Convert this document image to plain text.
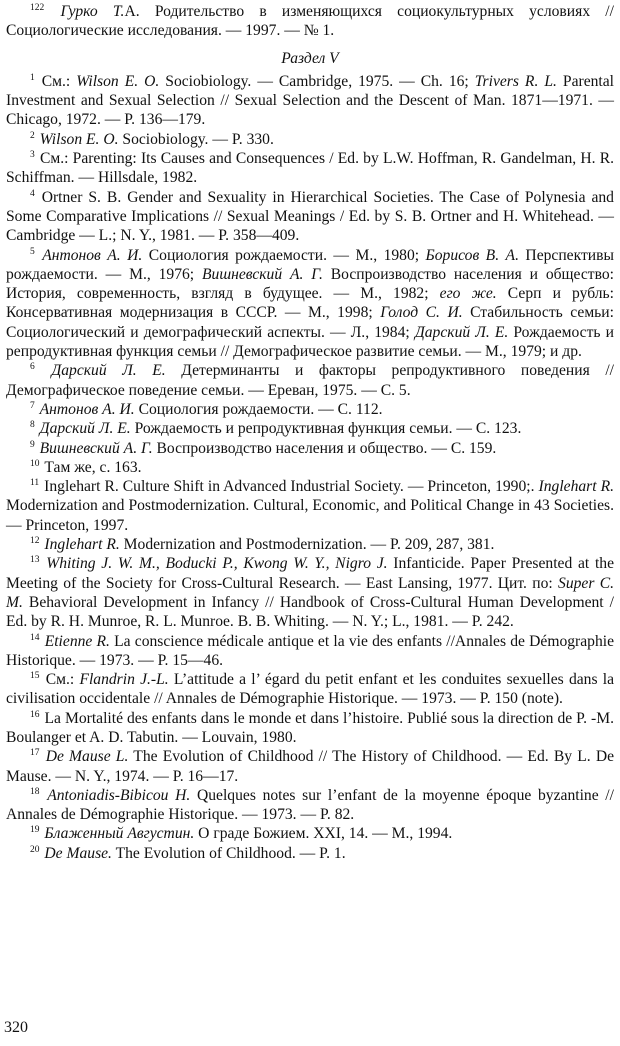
$^{122}$ Гурко Т.А. Родительство в изменяющихся социокультурных условиях // Социологические исследования. — 1997. — № 1.

Раздел V

$^1$ См.: Wilson E. O. Sociobiology. — Cambridge, 1975. — Ch. 16; Trivers R. L. Parental Investment and Sexual Selection // Sexual Selection and the Descent of Man. 1871—1971. — Chicago, 1972. — P. 136—179.

$^2$ Wilson E. O. Sociobiology. — P. 330.

$^3$ См.: Parenting: Its Causes and Consequences / Ed. by L.W. Hoffman, R. Gandelman, H. R. Schiffman. — Hillsdale, 1982.

$^4$ Ortner S. B. Gender and Sexuality in Hierarchical Societies. The Case of Polynesia and Some Comparative Implications // Sexual Meanings / Ed. by S. B. Ortner and H. Whitehead. — Cambridge — L.; N. Y., 1981. — P. 358—409.

$^5$ Антонов А. И. Социология рождаемости. — М., 1980; Борисов В. А. Перспективы рождаемости. — М., 1976; Вишневский А. Г. Воспроизводство населения и общество: История, современность, взгляд в будущее. — М., 1982; его же. Серп и рубль: Консервативная модернизация в СССР. — М., 1998; Голод С. И. Стабильность семьи: Социологический и демографический аспекты. — Л., 1984; Дарский Л. Е. Рождаемость и репродуктивная функция семьи // Демографическое развитие семьи. — М., 1979; и др.

$^6$ Дарский Л. Е. Детерминанты и факторы репродуктивного поведения // Демографическое поведение семьи. — Ереван, 1975. — С. 5.

$^7$ Антонов А. И. Социология рождаемости. — С. 112.

$^8$ Дарский Л. Е. Рождаемость и репродуктивная функция семьи. — С. 123.

$^9$ Вишневский А. Г. Воспроизводство населения и общество. — С. 159.

$^{10}$ Там же, с. 163.

$^{11}$ Inglehart R. Culture Shift in Advanced Industrial Society. — Princeton, 1990;. Inglehart R. Modernization and Postmodernization. Cultural, Economic, and Political Change in 43 Societies. — Princeton, 1997.

$^{12}$ Inglehart R. Modernization and Postmodernization. — P. 209, 287, 381.

$^{13}$ Whiting J. W. M., Boducki P., Kwong W. Y., Nigro J. Infanticide. Paper Presented at the Meeting of the Society for Cross-Cultural Research. — East Lansing, 1977. Цит. по: Super C. M. Behavioral Development in Infancy // Handbook of Cross-Cultural Human Development / Ed. by R. H. Munroe, R. L. Munroe. B. B. Whiting. — N. Y.; L., 1981. — P. 242.

$^{14}$ Etienne R. La conscience médicale antique et la vie des enfants //Annales de Démographie Historique. — 1973. — P. 15—46.

$^{15}$ См.: Flandrin J.-L. L’attitude a l’ égard du petit enfant et les conduites sexuelles dans la civilisation occidentale // Annales de Démographie Historique. — 1973. — P. 150 (note).

$^{16}$ La Mortalité des enfants dans le monde et dans l’histoire. Publié sous la direction de P. -M. Boulanger et A. D. Tabutin. — Louvain, 1980.

$^{17}$ De Mause L. The Evolution of Childhood // The History of Childhood. — Ed. By L. De Mause. — N. Y., 1974. — P. 16—17.

$^{18}$ Antoniadis-Bibicou H. Quelques notes sur l’enfant de la moyenne époque byzantine // Annales de Démographie Historique. — 1973. — P. 82.

$^{19}$ Блаженный Августин. О граде Божием. XXI, 14. — М., 1994.

$^{20}$ De Mause. The Evolution of Childhood. — P. 1.

320
